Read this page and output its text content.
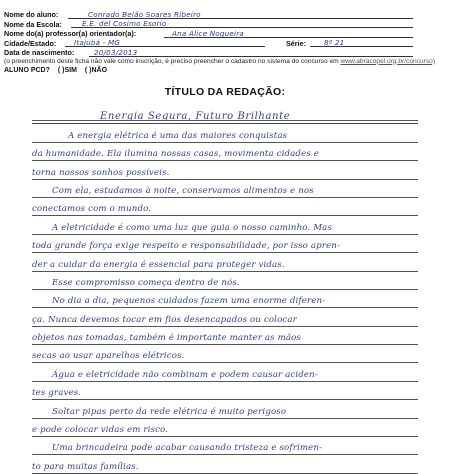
Nome do aluno:	Conrado Belão Soares Ribeiro
Nome da Escola:	E.E. del Cosimo Esorio
Nome do(a) professor(a) orientador(a):	Ana Alice Nogueira
Cidade/Estado: Itajubá - MG	Série:	8º 21
Data de nascimento:	20/03/2013
(o preenchimento deste ficha não vale como inscrição, é preciso preencher o cadastro no sistema do concurso em www.abracopel.org.br/concurso)
ALUNO PCD? ( )SIM ( )NÃO
TÍTULO DA REDAÇÃO:
Energia Segura, Futuro Brilhante
A energia elétrica é uma das maiores conquistas
da humanidade. Ela ilumina nossas casas, movimenta cidades e
torna nossos sonhos possíveis.
Com ela, estudamos à noite, conservamos alimentos e nos
conectamos com o mundo.
A eletricidade é como uma luz que guia o nosso caminho. Mas
toda grande força exige respeito e responsabilidade, por isso apren-
der a cuidar da energia é essencial para proteger vidas.
Esse compromisso começa dentro de nós.
No dia a dia, pequenos cuidados fazem uma enorme diferen-
ça. Nunca devemos tocar em fios desencapados ou colocar
objetos nas tomadas, também é importante manter as mãos
secas ao usar aparelhos elétricos.
Água e eletricidade não combinam e podem causar aciden-
tes graves.
Soltar pipas perto da rede elétrica é muito perigoso
e pode colocar vidas em risco.
Uma brincadeira pode acabar causando tristeza e sofrimen-
to para muitas famílias.
